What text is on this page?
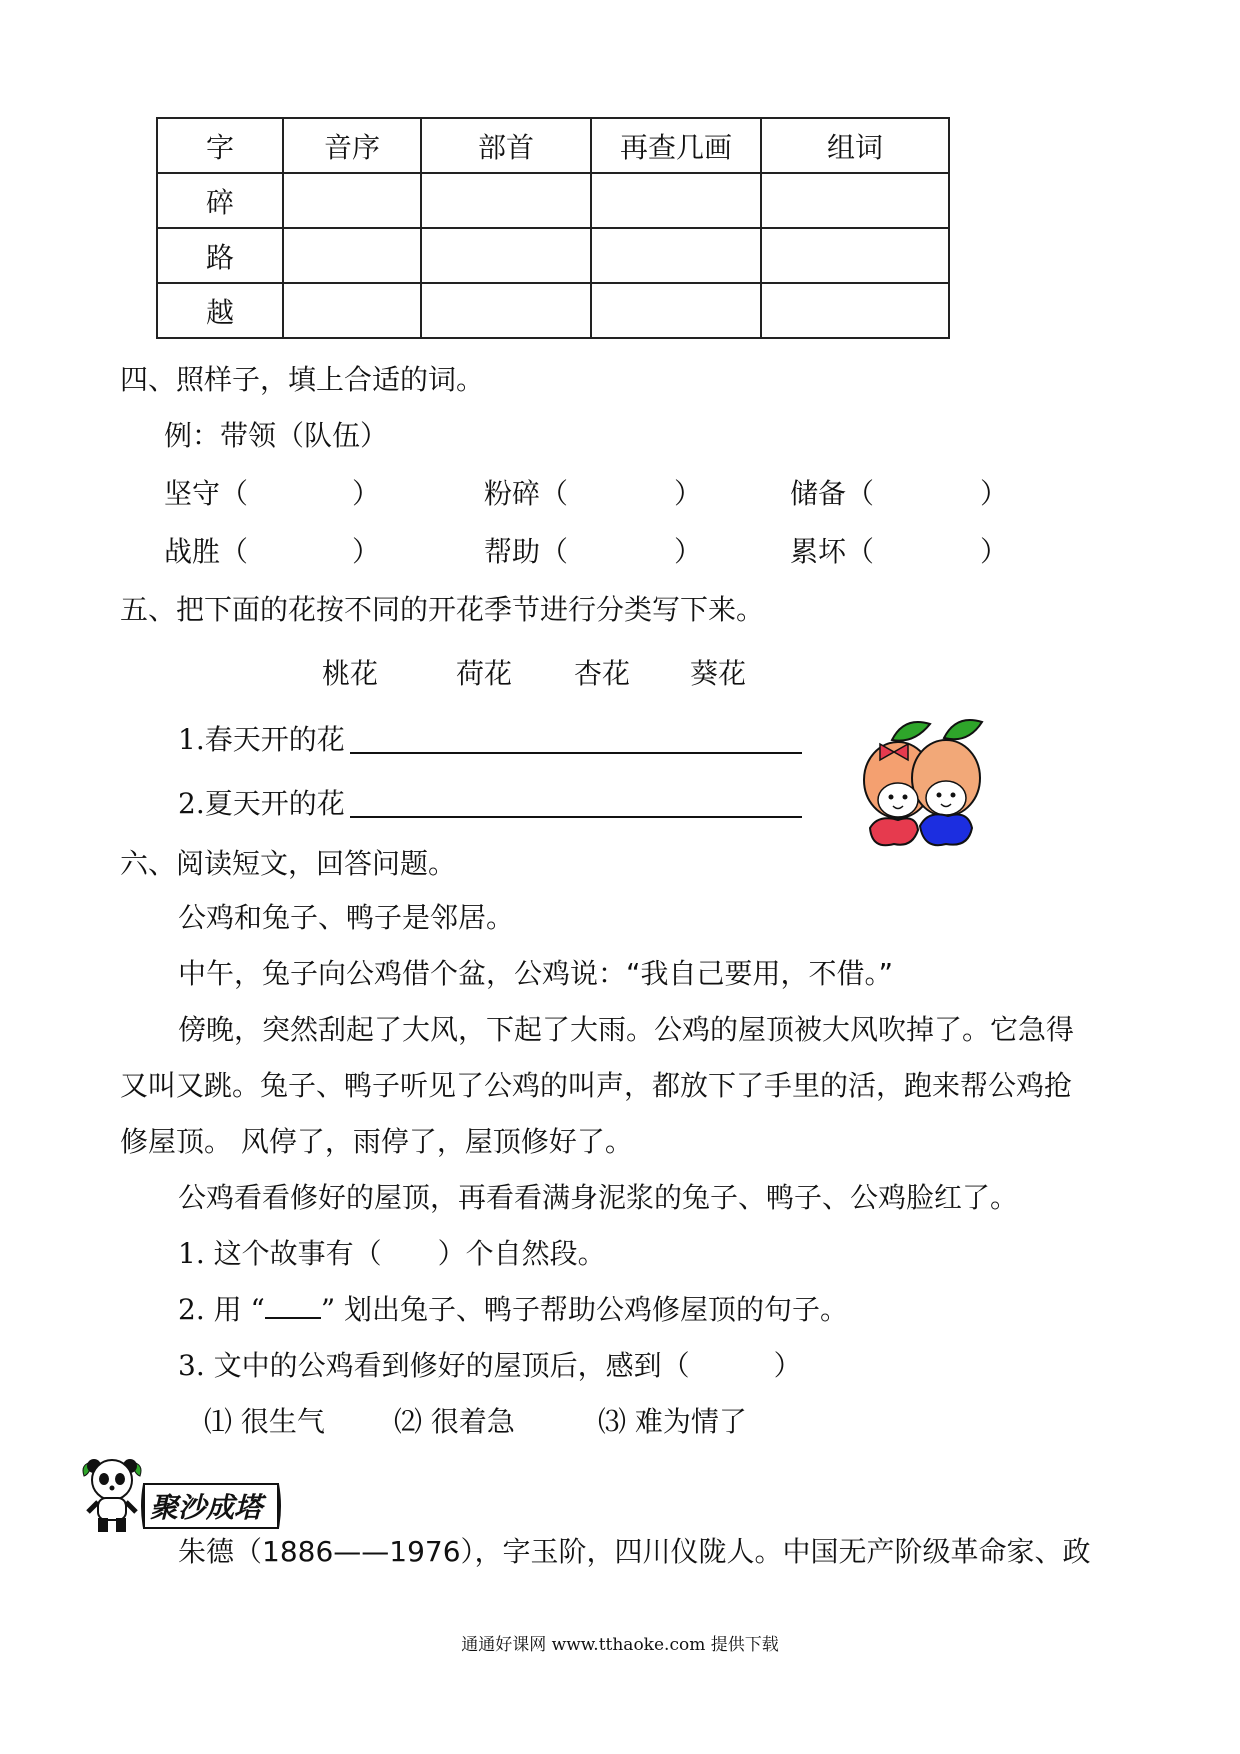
字	音序	部首	再查几画	组词
碎				
路				
越				
四、照样子，填上合适的词。
例：带领（队伍）
坚守（	）	粉碎（	）	储备（	）
战胜（	）	帮助（	）	累坏（	）
五、把下面的花按不同的开花季节进行分类写下来。
桃花	荷花 杏花 葵花
1.春天开的花
2.夏天开的花
六、阅读短文，回答问题。
公鸡和兔子、鸭子是邻居。
中午，兔子向公鸡借个盆，公鸡说：“我自己要用，不借。”
傍晚，突然刮起了大风，下起了大雨。公鸡的屋顶被大风吹掉了。它急得
又叫又跳。兔子、鸭子听见了公鸡的叫声，都放下了手里的活，跑来帮公鸡抢
修屋顶。 风停了，雨停了，屋顶修好了。
公鸡看看修好的屋顶，再看看满身泥浆的兔子、鸭子、公鸡脸红了。
1. 这个故事有（　　）个自然段。
2. 用 “ ” 划出兔子、鸭子帮助公鸡修屋顶的句子。
3. 文中的公鸡看到修好的屋顶后，感到（　　　）
⑴ 很生气 ⑵ 很着急	⑶ 难为情了
聚沙成塔
朱德（1886——1976），字玉阶，四川仪陇人。中国无产阶级革命家、政
通通好课网 www.tthaoke.com 提供下载
